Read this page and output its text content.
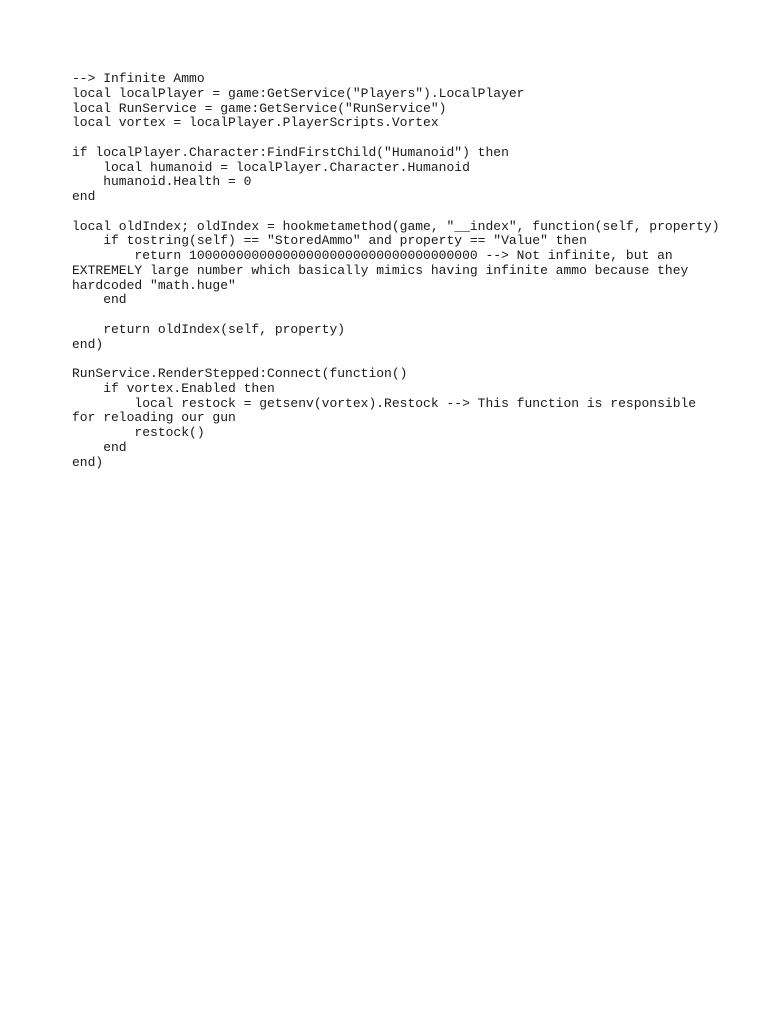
--> Infinite Ammo
local localPlayer = game:GetService("Players").LocalPlayer
local RunService = game:GetService("RunService")
local vortex = localPlayer.PlayerScripts.Vortex
if localPlayer.Character:FindFirstChild("Humanoid") then
local humanoid = localPlayer.Character.Humanoid
humanoid.Health = 0
end
local oldIndex; oldIndex = hookmetamethod(game, "__index", function(self, property)
if tostring(self) == "StoredAmmo" and property == "Value" then
return 1000000000000000000000000000000000000 --> Not infinite, but an
EXTREMELY large number which basically mimics having infinite ammo because they
hardcoded "math.huge"
end
return oldIndex(self, property)
end)
RunService.RenderStepped:Connect(function()
if vortex.Enabled then
local restock = getsenv(vortex).Restock --> This function is responsible
for reloading our gun
restock()
end
end)
